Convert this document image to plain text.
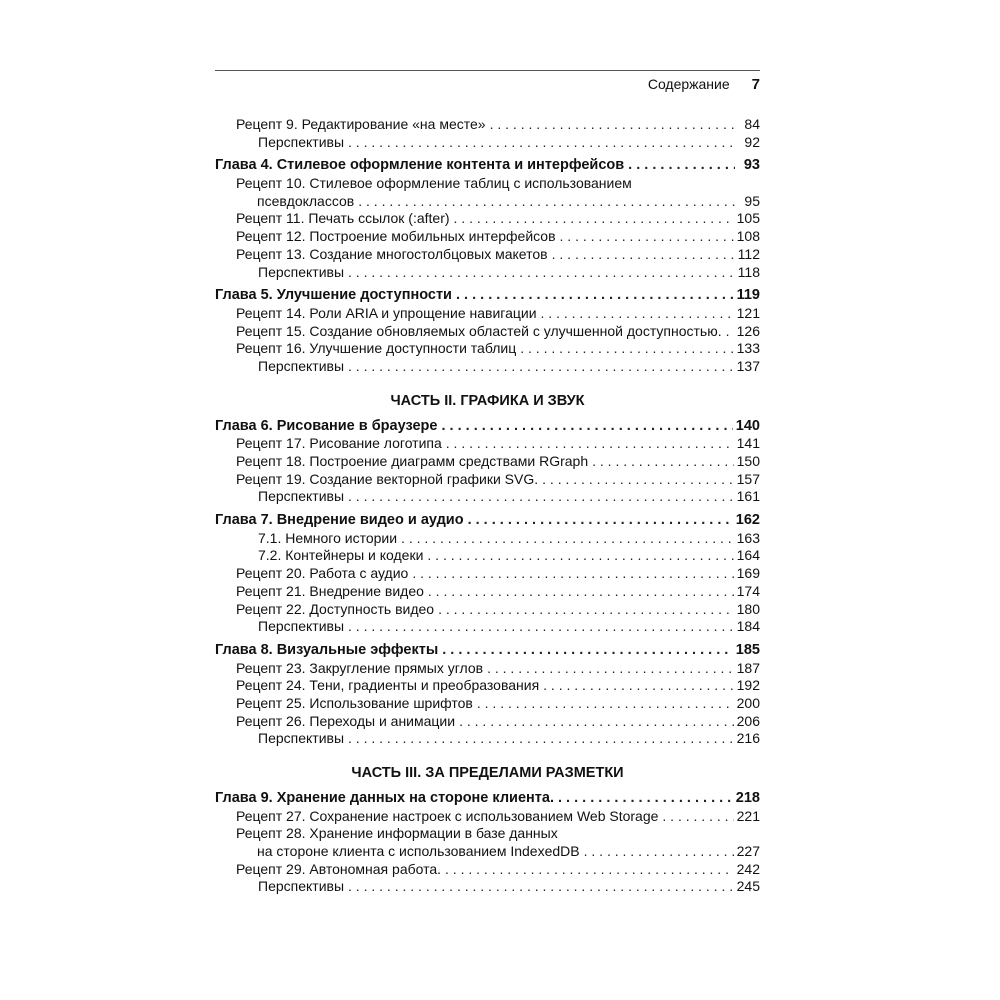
Содержание 7
Рецепт 9. Редактирование «на месте» . . .	84
Перспективы . . .	92
Глава 4. Стилевое оформление контента и интерфейсов . . .	93
Рецепт 10. Стилевое оформление таблиц с использованием
псевдоклассов . . .	95
Рецепт 11. Печать ссылок (:after) . . .	105
Рецепт 12. Построение мобильных интерфейсов . . .	108
Рецепт 13. Создание многостолбцовых макетов . . .	112
Перспективы . . .	118
Глава 5. Улучшение доступности . . .	119
Рецепт 14. Роли ARIA и упрощение навигации . . .	121
Рецепт 15. Создание обновляемых областей с улучшенной доступностью. . . . 126
Рецепт 16. Улучшение доступности таблиц . . .	133
Перспективы . . .	137
ЧАСТЬ II. ГРАФИКА И ЗВУК
Глава 6. Рисование в браузере . . .	140
Рецепт 17. Рисование логотипа . . .	141
Рецепт 18. Построение диаграмм средствами RGraph . . .	150
Рецепт 19. Создание векторной графики SVG. . . .	157
Перспективы . . .	161
Глава 7. Внедрение видео и аудио . . .	162
7.1. Немного истории . . .	163
7.2. Контейнеры и кодеки . . .	164
Рецепт 20. Работа с аудио . . .	169
Рецепт 21. Внедрение видео . . .	174
Рецепт 22. Доступность видео . . .	180
Перспективы . . .	184
Глава 8. Визуальные эффекты . . .	185
Рецепт 23. Закругление прямых углов . . .	187
Рецепт 24. Тени, градиенты и преобразования . . .	192
Рецепт 25. Использование шрифтов . . .	200
Рецепт 26. Переходы и анимации . . .	206
Перспективы . . .	216
ЧАСТЬ III. ЗА ПРЕДЕЛАМИ РАЗМЕТКИ
Глава 9. Хранение данных на стороне клиента. . . .	218
Рецепт 27. Сохранение настроек с использованием Web Storage . . .	221
Рецепт 28. Хранение информации в базе данных
на стороне клиента с использованием IndexedDB . . .	227
Рецепт 29. Автономная работа. . . .	242
Перспективы . . .	245
